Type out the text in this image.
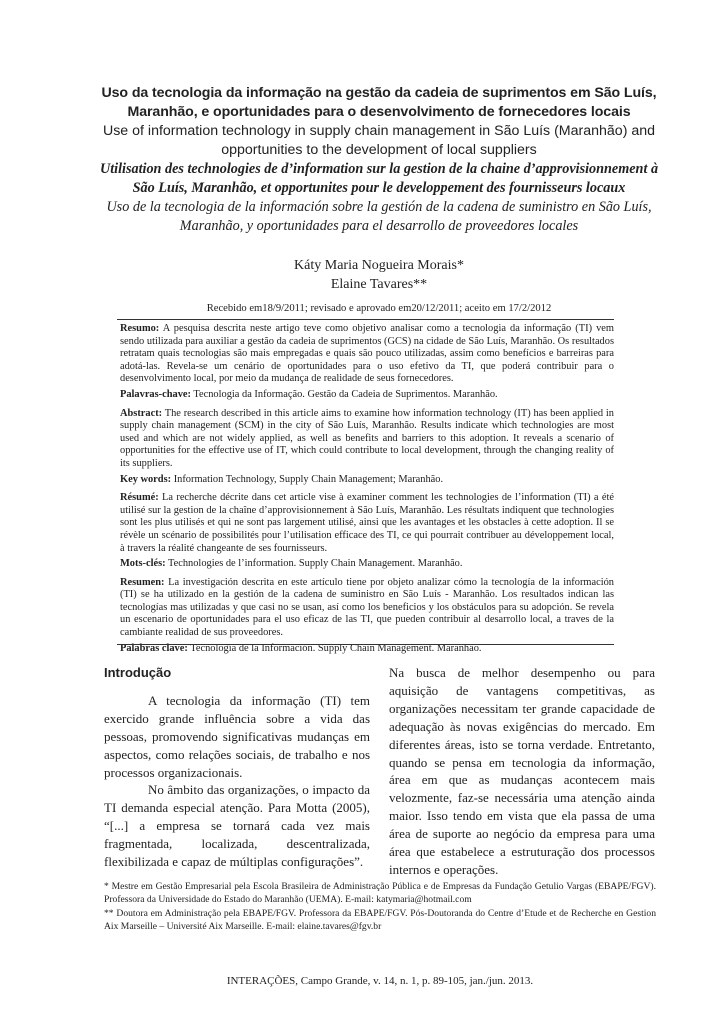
Uso da tecnologia da informação na gestão da cadeia de suprimentos em São Luís, Maranhão, e oportunidades para o desenvolvimento de fornecedores locais
Use of information technology in supply chain management in São Luís (Maranhão) and opportunities to the development of local suppliers
Utilisation des technologies de d’information sur la gestion de la chaine d’approvisionnement à São Luís, Maranhão, et opportunites pour le developpement des fournisseurs locaux
Uso de la tecnologia de la información sobre la gestión de la cadena de suministro en São Luís, Maranhão, y oportunidades para el desarrollo de proveedores locales
Káty Maria Nogueira Morais*
Elaine Tavares**
Recebido em18/9/2011; revisado e aprovado em20/12/2011; aceito em 17/2/2012

Resumo: A pesquisa descrita neste artigo teve como objetivo analisar como a tecnologia da informação (TI) vem sendo utilizada para auxiliar a gestão da cadeia de suprimentos (GCS) na cidade de São Luís, Maranhão. Os resultados retratam quais tecnologias são mais empregadas e quais são pouco utilizadas, assim como benefícios e barreiras para adotá-las. Revela-se um cenário de oportunidades para o uso efetivo da TI, que poderá contribuir para o desenvolvimento local, por meio da mudança de realidade de seus fornecedores.

Palavras-chave: Tecnologia da Informação. Gestão da Cadeia de Suprimentos. Maranhão.

Abstract: The research described in this article aims to examine how information technology (IT) has been applied in supply chain management (SCM) in the city of São Luís, Maranhão. Results indicate which technologies are most used and which are not widely applied, as well as benefits and barriers to this adoption. It reveals a scenario of opportunities for the effective use of IT, which could contribute to local development, through the changing reality of its suppliers.

Key words: Information Technology, Supply Chain Management; Maranhão.

Résumé: La recherche décrite dans cet article vise à examiner comment les technologies de l’information (TI) a été utilisé sur la gestion de la chaîne d’approvisionnement à São Luís, Maranhão. Les résultats indiquent que technologies sont les plus utilisés et qui ne sont pas largement utilisé, ainsi que les avantages et les obstacles à cette adoption. Il se révèle un scénario de possibilités pour l’utilisation efficace des TI, ce qui pourrait contribuer au développement local, à travers la réalité changeante de ses fournisseurs.

Mots-clés: Technologies de l’information. Supply Chain Management. Maranhão.

Resumen: La investigación descrita en este artículo tiene por objeto analizar cómo la tecnología de la información (TI) se ha utilizado en la gestión de la cadena de suministro en São Luís - Maranhão. Los resultados indican las tecnologías mas utilizadas y que casi no se usan, así como los beneficios y los obstáculos para su adopción. Se revela un escenario de oportunidades para el uso eficaz de las TI, que pueden contribuir al desarrollo local, a traves de la cambiante realidad de sus proveedores.

Palabras clave: Tecnología de la Información. Supply Chain Management. Maranhão.

Introdução

A tecnologia da informação (TI) tem exercido grande influência sobre a vida das pessoas, promovendo significativas mudanças em aspectos, como relações sociais, de trabalho e nos processos organizacionais.

No âmbito das organizações, o impacto da TI demanda especial atenção. Para Motta (2005), “[...] a empresa se tornará cada vez mais fragmentada, localizada, descentralizada, flexibilizada e capaz de múltiplas configurações”.

Na busca de melhor desempenho ou para aquisição de vantagens competitivas, as organizações necessitam ter grande capacidade de adequação às novas exigências do mercado. Em diferentes áreas, isto se torna verdade. Entretanto, quando se pensa em tecnologia da informação, área em que as mudanças acontecem mais velozmente, faz-se necessária uma atenção ainda maior. Isso tendo em vista que ela passa de uma área de suporte ao negócio da empresa para uma área que estabelece a estruturação dos processos internos e operações.

* Mestre em Gestão Empresarial pela Escola Brasileira de Administração Pública e de Empresas da Fundação Getulio Vargas (EBAPE/FGV). Professora da Universidade do Estado do Maranhão (UEMA). E-mail: katymaria@hotmail.com

** Doutora em Administração pela EBAPE/FGV. Professora da EBAPE/FGV. Pós-Doutoranda do Centre d’Etude et de Recherche en Gestion Aix Marseille – Université Aix Marseille. E-mail: elaine.tavares@fgv.br

INTERAÇÕES, Campo Grande, v. 14, n. 1, p. 89-105, jan./jun. 2013.
